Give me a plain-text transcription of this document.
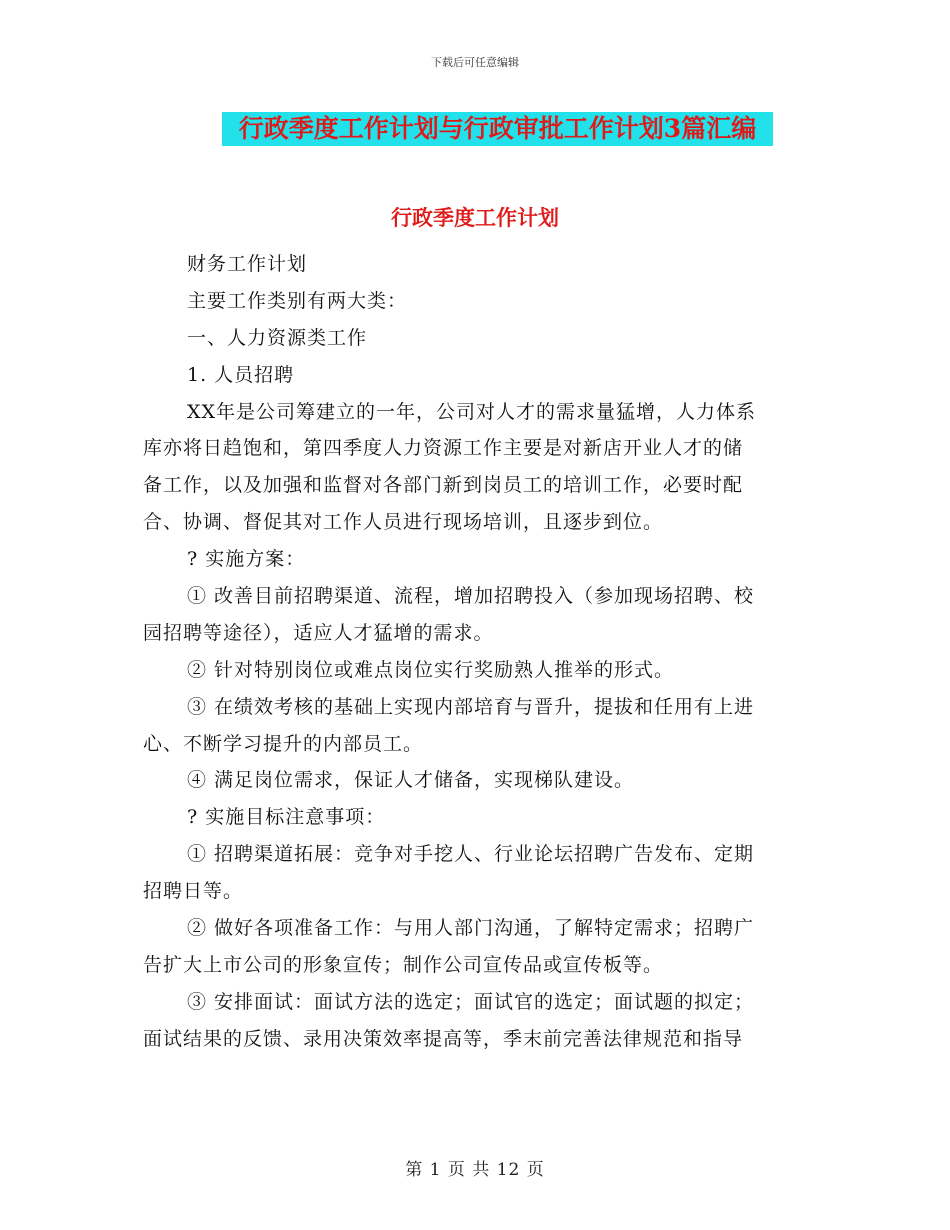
下载后可任意编辑
行政季度工作计划与行政审批工作计划3篇汇编
行政季度工作计划
财务工作计划
主要工作类别有两大类：
一、人力资源类工作
1. 人员招聘
XX年是公司筹建立的一年，公司对人才的需求量猛增，人力体系
库亦将日趋饱和，第四季度人力资源工作主要是对新店开业人才的储
备工作，以及加强和监督对各部门新到岗员工的培训工作，必要时配
合、协调、督促其对工作人员进行现场培训，且逐步到位。
? 实施方案：
① 改善目前招聘渠道、流程，增加招聘投入（参加现场招聘、校
园招聘等途径），适应人才猛增的需求。
② 针对特别岗位或难点岗位实行奖励熟人推举的形式。
③ 在绩效考核的基础上实现内部培育与晋升，提拔和任用有上进
心、不断学习提升的内部员工。
④ 满足岗位需求，保证人才储备，实现梯队建设。
? 实施目标注意事项：
① 招聘渠道拓展：竞争对手挖人、行业论坛招聘广告发布、定期
招聘日等。
② 做好各项准备工作：与用人部门沟通，了解特定需求；招聘广
告扩大上市公司的形象宣传；制作公司宣传品或宣传板等。
③ 安排面试：面试方法的选定；面试官的选定；面试题的拟定；
面试结果的反馈、录用决策效率提高等，季末前完善法律规范和指导
第 1 页 共 12 页
